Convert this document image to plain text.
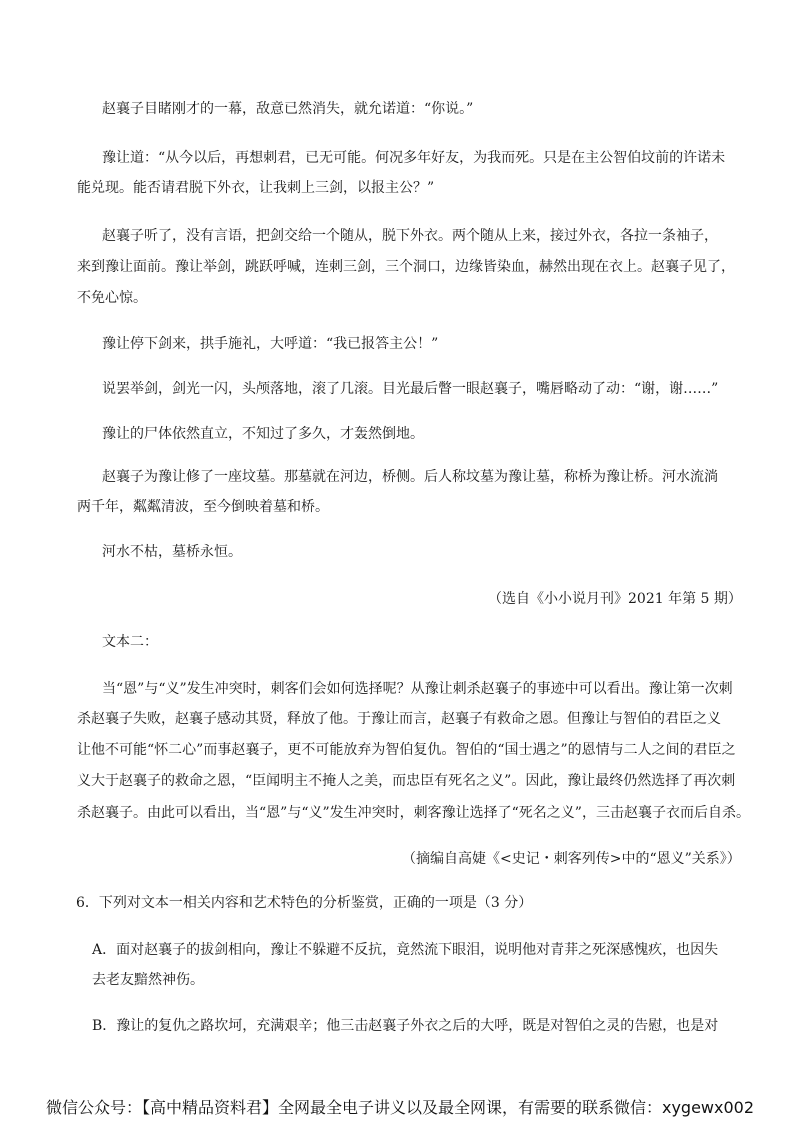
赵襄子目睹刚才的一幕，敌意已然消失，就允诺道：“你说。”
豫让道：“从今以后，再想刺君，已无可能。何况多年好友，为我而死。只是在主公智伯坟前的许诺未
能兑现。能否请君脱下外衣，让我刺上三剑，以报主公？”
赵襄子听了，没有言语，把剑交给一个随从，脱下外衣。两个随从上来，接过外衣，各拉一条袖子，
来到豫让面前。豫让举剑，跳跃呼喊，连刺三剑，三个洞口，边缘皆染血，赫然出现在衣上。赵襄子见了，
不免心惊。
豫让停下剑来，拱手施礼，大呼道：“我已报答主公！”
说罢举剑，剑光一闪，头颅落地，滚了几滚。目光最后瞥一眼赵襄子，嘴唇略动了动：“谢，谢……”
豫让的尸体依然直立，不知过了多久，才轰然倒地。
赵襄子为豫让修了一座坟墓。那墓就在河边，桥侧。后人称坟墓为豫让墓，称桥为豫让桥。河水流淌
两千年，粼粼清波，至今倒映着墓和桥。
河水不枯，墓桥永恒。
（选自《小小说月刊》2021 年第 5 期）
文本二：
当“恩”与“义”发生冲突时，刺客们会如何选择呢？从豫让刺杀赵襄子的事迹中可以看出。豫让第一次刺
杀赵襄子失败，赵襄子感动其贤，释放了他。于豫让而言，赵襄子有救命之恩。但豫让与智伯的君臣之义
让他不可能“怀二心”而事赵襄子，更不可能放弃为智伯复仇。智伯的“国士遇之”的恩情与二人之间的君臣之
义大于赵襄子的救命之恩，“臣闻明主不掩人之美，而忠臣有死名之义”。因此，豫让最终仍然选择了再次刺
杀赵襄子。由此可以看出，当“恩”与“义”发生冲突时，刺客豫让选择了“死名之义”，三击赵襄子衣而后自杀。
（摘编自高婕《<史记・刺客列传>中的“恩义”关系》）
6．下列对文本一相关内容和艺术特色的分析鉴赏，正确的一项是（3 分）
A．面对赵襄子的拔剑相向，豫让不躲避不反抗，竟然流下眼泪，说明他对青荓之死深感愧疚，也因失
去老友黯然神伤。
B．豫让的复仇之路坎坷，充满艰辛；他三击赵襄子外衣之后的大呼，既是对智伯之灵的告慰，也是对
微信公众号：【高中精品资料君】全网最全电子讲义以及最全网课，有需要的联系微信：xygewx002
